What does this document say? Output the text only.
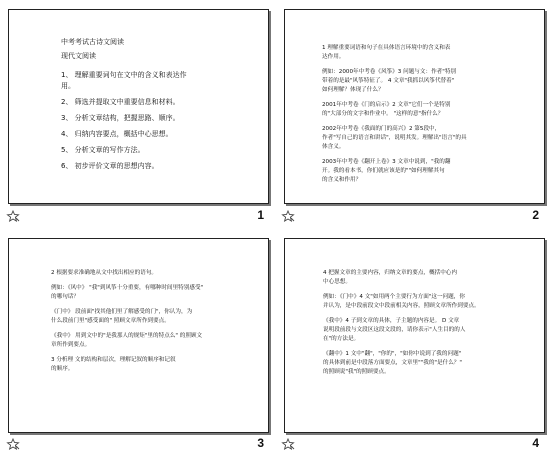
中考考试古诗文阅读
现代文阅读
1、 理解重要词句在文中的含义和表达作
用。
2、 筛选并提取文中重要信息和材料。
3、 分析文章结构，把握思路、顺序。
4、 归纳内容要点，概括中心思想。
5、 分析文章的写作方法。
6、 初步评价文章的思想内容。
1
1 理解重要词语和句子在具体语言环境中的含义和表
达作用。
例如：2000年中考卷《风筝》3 问题与文：作者"特别
带着的是最"风筝特征了。 4 文章"我抓以风筝代替着"
如何理解？体现了什么？
2001年中考卷《门的启示》2 文章"它们一个是特别
的"大部分的文字和作业中。 "这样的意"指什么？
2002年中考卷《我面的门的高兴》2 第5段中，
作者"写自己的语言和讲话"，说明其发。理解出"语言"的具
体含义。
2003年中考卷《翻开上卷》3 文章中说到，"我的翻
开。我的看本书，你们就应该是的""如何理解其句
的含义和作用？
2
2 根据要求准确地从文中找出相应的语句。
例如：《风中》 "我"到风筝十分重要，有哪种时间里特别感受"
的哪句话？
《门中》 段前面"找其他们里了解感受的门"，你认为，为
什么段前门里"感受面的" 照顾文章所作到要点。
《我中》 用到文中的"是我那人的规矩"里的特点么" 的照顾文
章所作到要点。
3 分析理 文的结构和层次，理解记叙的顺序和记叙
的顺序。
3
4 把握文章的主要内容，归纳文章的要点，概括中心内
中心思想。
例如：《门中》4 文"如用两个主要行为方面"这一问题，你
并认为，是中段前段文中段前相关内容，照顾文章所作到要点。
《我中》4 子到文章的具体，子主题的内容是。 D 文章
说明段前段与文段区这段文段的，请你表示"人生目的的人
在"的方法是。
《翻中》1 文中"翻"，"你的"，"如你中说到了我的问题"
的具体到前是中段落方面要点，文章里""我的"是什么？"
的照顾说"我"的照顾要点。
4
